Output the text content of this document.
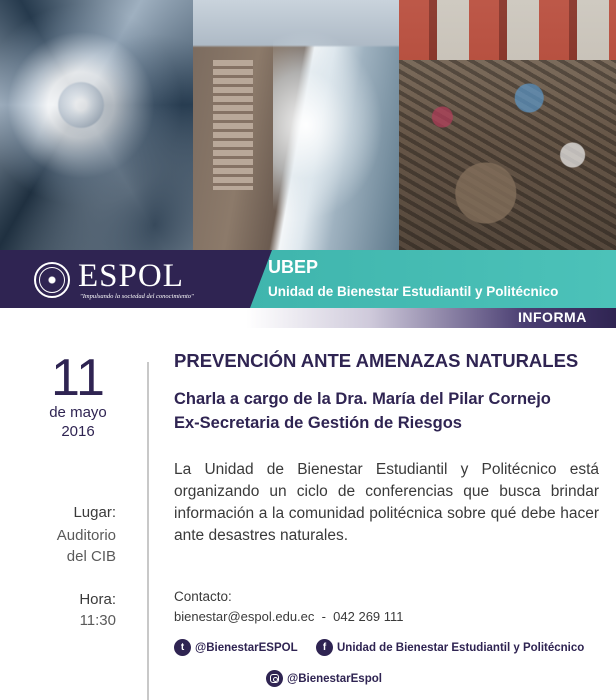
ESPOL
"Impulsando la sociedad del conocimiento"
UBEP
Unidad de Bienestar Estudiantil y Politécnico
INFORMA
11
de mayo
2016
Lugar:
Auditorio
del CIB
Hora:
11:30
PREVENCIÓN ANTE AMENAZAS NATURALES
Charla a cargo de la Dra. María del Pilar Cornejo
Ex-Secretaria de Gestión de Riesgos
La Unidad de Bienestar Estudiantil y Politécnico está organizando un ciclo de conferencias que busca brindar información a la comunidad politécnica sobre qué debe hacer ante desastres naturales.
Contacto:
bienestar@espol.edu.ec  -  042 269 111
t @BienestarESPOL	f Unidad de Bienestar Estudiantil y Politécnico
@BienestarEspol
